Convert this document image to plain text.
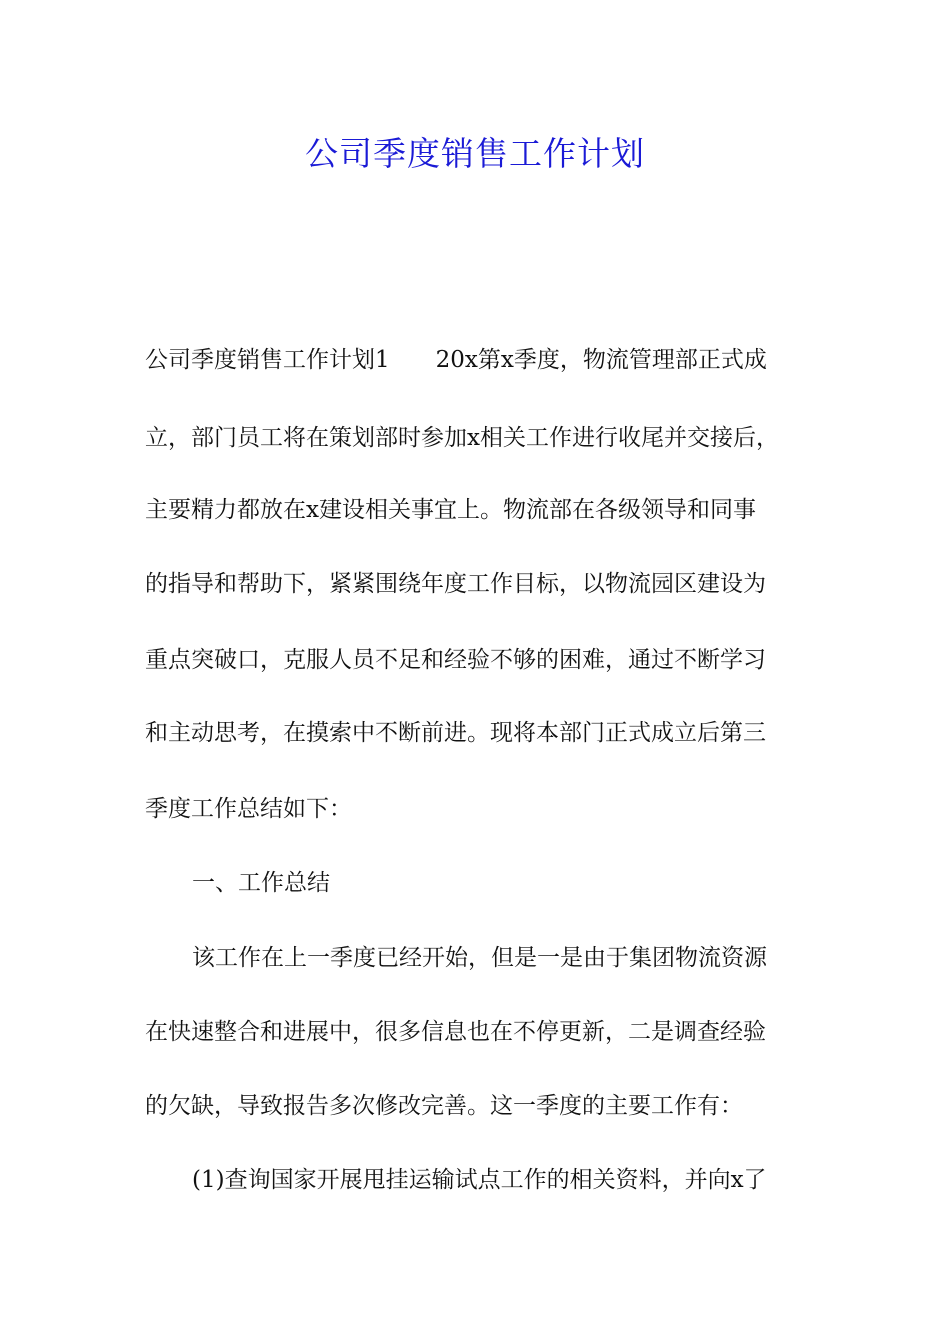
公司季度销售工作计划
公司季度销售工作计划1　　20x第x季度，物流管理部正式成
立，部门员工将在策划部时参加x相关工作进行收尾并交接后，
主要精力都放在x建设相关事宜上。物流部在各级领导和同事
的指导和帮助下，紧紧围绕年度工作目标，以物流园区建设为
重点突破口，克服人员不足和经验不够的困难，通过不断学习
和主动思考，在摸索中不断前进。现将本部门正式成立后第三
季度工作总结如下：
一、工作总结
该工作在上一季度已经开始，但是一是由于集团物流资源
在快速整合和进展中，很多信息也在不停更新，二是调查经验
的欠缺，导致报告多次修改完善。这一季度的主要工作有：
(1)查询国家开展甩挂运输试点工作的相关资料，并向x了
